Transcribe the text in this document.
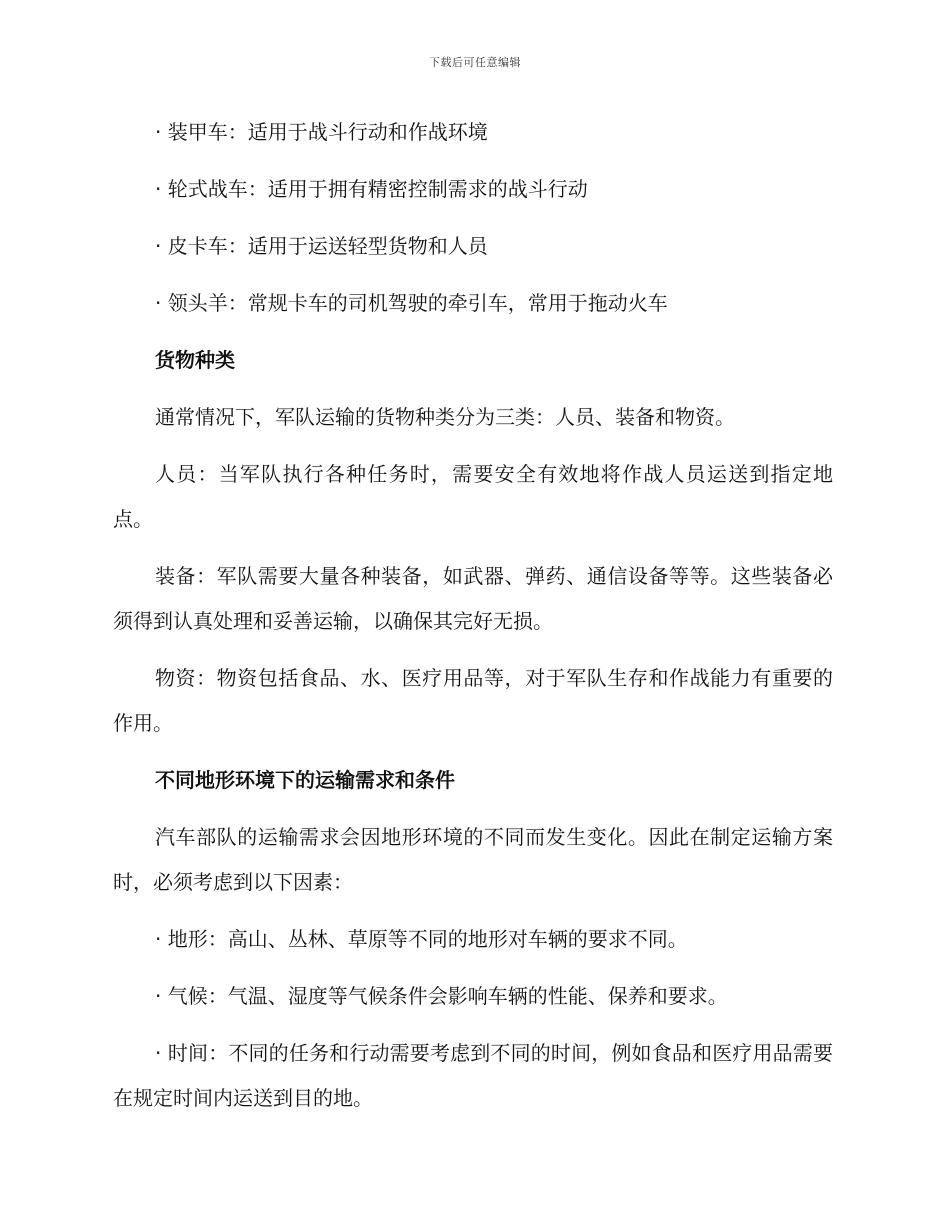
下载后可任意编辑

· 装甲车：适用于战斗行动和作战环境

· 轮式战车：适用于拥有精密控制需求的战斗行动

· 皮卡车：适用于运送轻型货物和人员

· 领头羊：常规卡车的司机驾驶的牵引车，常用于拖动火车

货物种类

通常情况下，军队运输的货物种类分为三类：人员、装备和物资。

人员：当军队执行各种任务时，需要安全有效地将作战人员运送到指定地点。

装备：军队需要大量各种装备，如武器、弹药、通信设备等等。这些装备必须得到认真处理和妥善运输，以确保其完好无损。

物资：物资包括食品、水、医疗用品等，对于军队生存和作战能力有重要的作用。

不同地形环境下的运输需求和条件

汽车部队的运输需求会因地形环境的不同而发生变化。因此在制定运输方案时，必须考虑到以下因素：

· 地形：高山、丛林、草原等不同的地形对车辆的要求不同。

· 气候：气温、湿度等气候条件会影响车辆的性能、保养和要求。

· 时间：不同的任务和行动需要考虑到不同的时间，例如食品和医疗用品需要在规定时间内运送到目的地。
